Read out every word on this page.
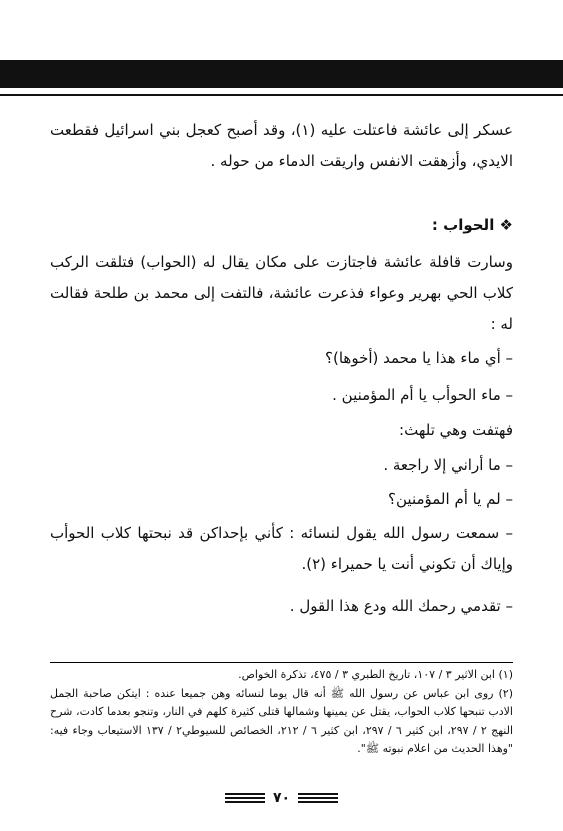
عسكر إلى عائشة فاعتلت عليه (١)، وقد أصبح كعجل بني اسرائيل فقطعت الايدي، وأزهقت الانفس واريقت الدماء من حوله .

❖ الحواب :

وسارت قافلة عائشة فاجتازت على مكان يقال له (الحواب) فتلقت الركب كلاب الحي بهرير وعواء فذعرت عائشة، فالتفت إلى محمد بن طلحة فقالت له :

– أي ماء هذا يا محمد (أخوها)؟
– ماء الحوأب يا أم المؤمنين .
فهتفت وهي تلهث:
– ما أراني إلا راجعة .
– لم يا أم المؤمنين؟

– سمعت رسول الله يقول لنسائه : كأني بإحداكن قد نبحتها كلاب الحوأب وإياك أن تكوني أنت يا حميراء (٢).

– تقدمي رحمك الله ودع هذا القول .

(١) ابن الاثير ٣ / ١٠٧، تاريخ الطبري ٣ / ٤٧٥، تذكرة الخواص.

(٢) روى ابن عباس عن رسول الله ﷺ أنه قال يوما لنسائه وهن جميعا عنده : ايتكن صاحبة الجمل الادب تنبحها كلاب الحواب، يقتل عن يمينها وشمالها قتلى كثيرة كلهم في النار، وتنجو بعدما كادت، شرح النهج ٢ / ٢٩٧، ابن كثير ٦ / ٢٩٧، ابن كثير ٦ / ٢١٢، الخصائص للسيوطي٢ / ١٣٧ الاستيعاب وجاء فيه: "وهذا الحديث من اعلام نبوته ﷺ".

٧٠
